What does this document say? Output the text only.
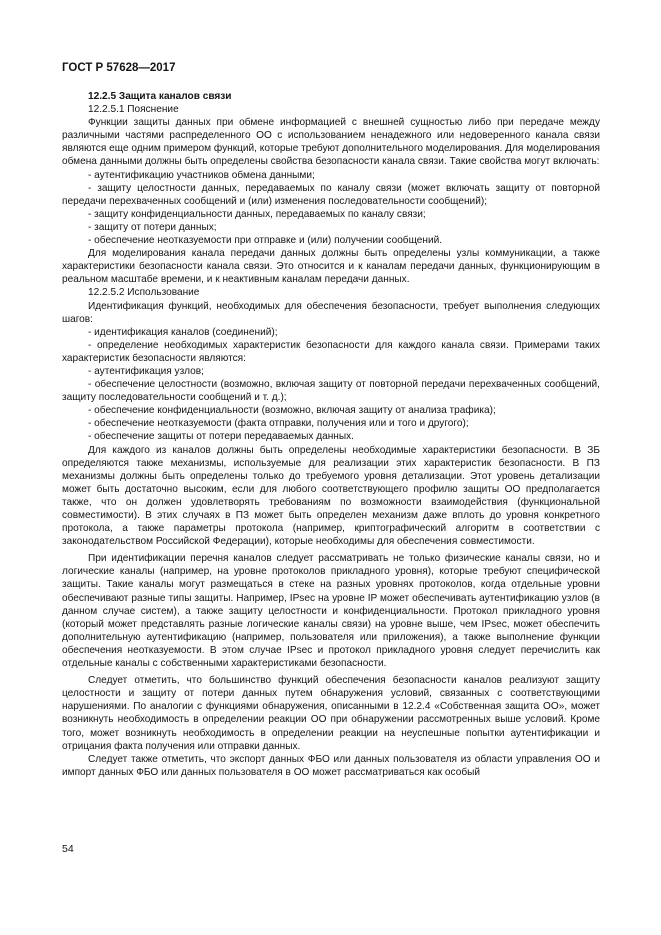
ГОСТ Р 57628—2017

12.2.5 Защита каналов связи

12.2.5.1 Пояснение

Функции защиты данных при обмене информацией с внешней сущностью либо при передаче между различными частями распределенного ОО с использованием ненадежного или недоверенного канала связи являются еще одним примером функций, которые требуют дополнительного моделирования. Для моделирования обмена данными должны быть определены свойства безопасности канала связи. Такие свойства могут включать:

- аутентификацию участников обмена данными;

- защиту целостности данных, передаваемых по каналу связи (может включать защиту от повторной передачи перехваченных сообщений и (или) изменения последовательности сообщений);

- защиту конфиденциальности данных, передаваемых по каналу связи;

- защиту от потери данных;

- обеспечение неотказуемости при отправке и (или) получении сообщений.

Для моделирования канала передачи данных должны быть определены узлы коммуникации, а также характеристики безопасности канала связи. Это относится и к каналам передачи данных, функционирующим в реальном масштабе времени, и к неактивным каналам передачи данных.

12.2.5.2 Использование

Идентификация функций, необходимых для обеспечения безопасности, требует выполнения следующих шагов:

- идентификация каналов (соединений);

- определение необходимых характеристик безопасности для каждого канала связи. Примерами таких характеристик безопасности являются:

- аутентификация узлов;

- обеспечение целостности (возможно, включая защиту от повторной передачи перехваченных сообщений, защиту последовательности сообщений и т. д.);

- обеспечение конфиденциальности (возможно, включая защиту от анализа трафика);

- обеспечение неотказуемости (факта отправки, получения или и того и другого);

- обеспечение защиты от потери передаваемых данных.

Для каждого из каналов должны быть определены необходимые характеристики безопасности. В ЗБ определяются также механизмы, используемые для реализации этих характеристик безопасности. В ПЗ механизмы должны быть определены только до требуемого уровня детализации. Этот уровень детализации может быть достаточно высоким, если для любого соответствующего профилю защиты ОО предполагается также, что он должен удовлетворять требованиям по возможности взаимодействия (функциональной совместимости). В этих случаях в ПЗ может быть определен механизм даже вплоть до уровня конкретного протокола, а также параметры протокола (например, криптографический алгоритм в соответствии с законодательством Российской Федерации), которые необходимы для обеспечения совместимости.

При идентификации перечня каналов следует рассматривать не только физические каналы связи, но и логические каналы (например, на уровне протоколов прикладного уровня), которые требуют специфической защиты. Такие каналы могут размещаться в стеке на разных уровнях протоколов, когда отдельные уровни обеспечивают разные типы защиты. Например, IPsec на уровне IP может обеспечивать аутентификацию узлов (в данном случае систем), а также защиту целостности и конфиденциальности. Протокол прикладного уровня (который может представлять разные логические каналы связи) на уровне выше, чем IPsec, может обеспечить дополнительную аутентификацию (например, пользователя или приложения), а также выполнение функции обеспечения неотказуемости. В этом случае IPsec и протокол прикладного уровня следует перечислить как отдельные каналы с собственными характеристиками безопасности.

Следует отметить, что большинство функций обеспечения безопасности каналов реализуют защиту целостности и защиту от потери данных путем обнаружения условий, связанных с соответствующими нарушениями. По аналогии с функциями обнаружения, описанными в 12.2.4 «Собственная защита ОО», может возникнуть необходимость в определении реакции ОО при обнаружении рассмотренных выше условий. Кроме того, может возникнуть необходимость в определении реакции на неуспешные попытки аутентификации и отрицания факта получения или отправки данных.

Следует также отметить, что экспорт данных ФБО или данных пользователя из области управления ОО и импорт данных ФБО или данных пользователя в ОО может рассматриваться как особый

54
